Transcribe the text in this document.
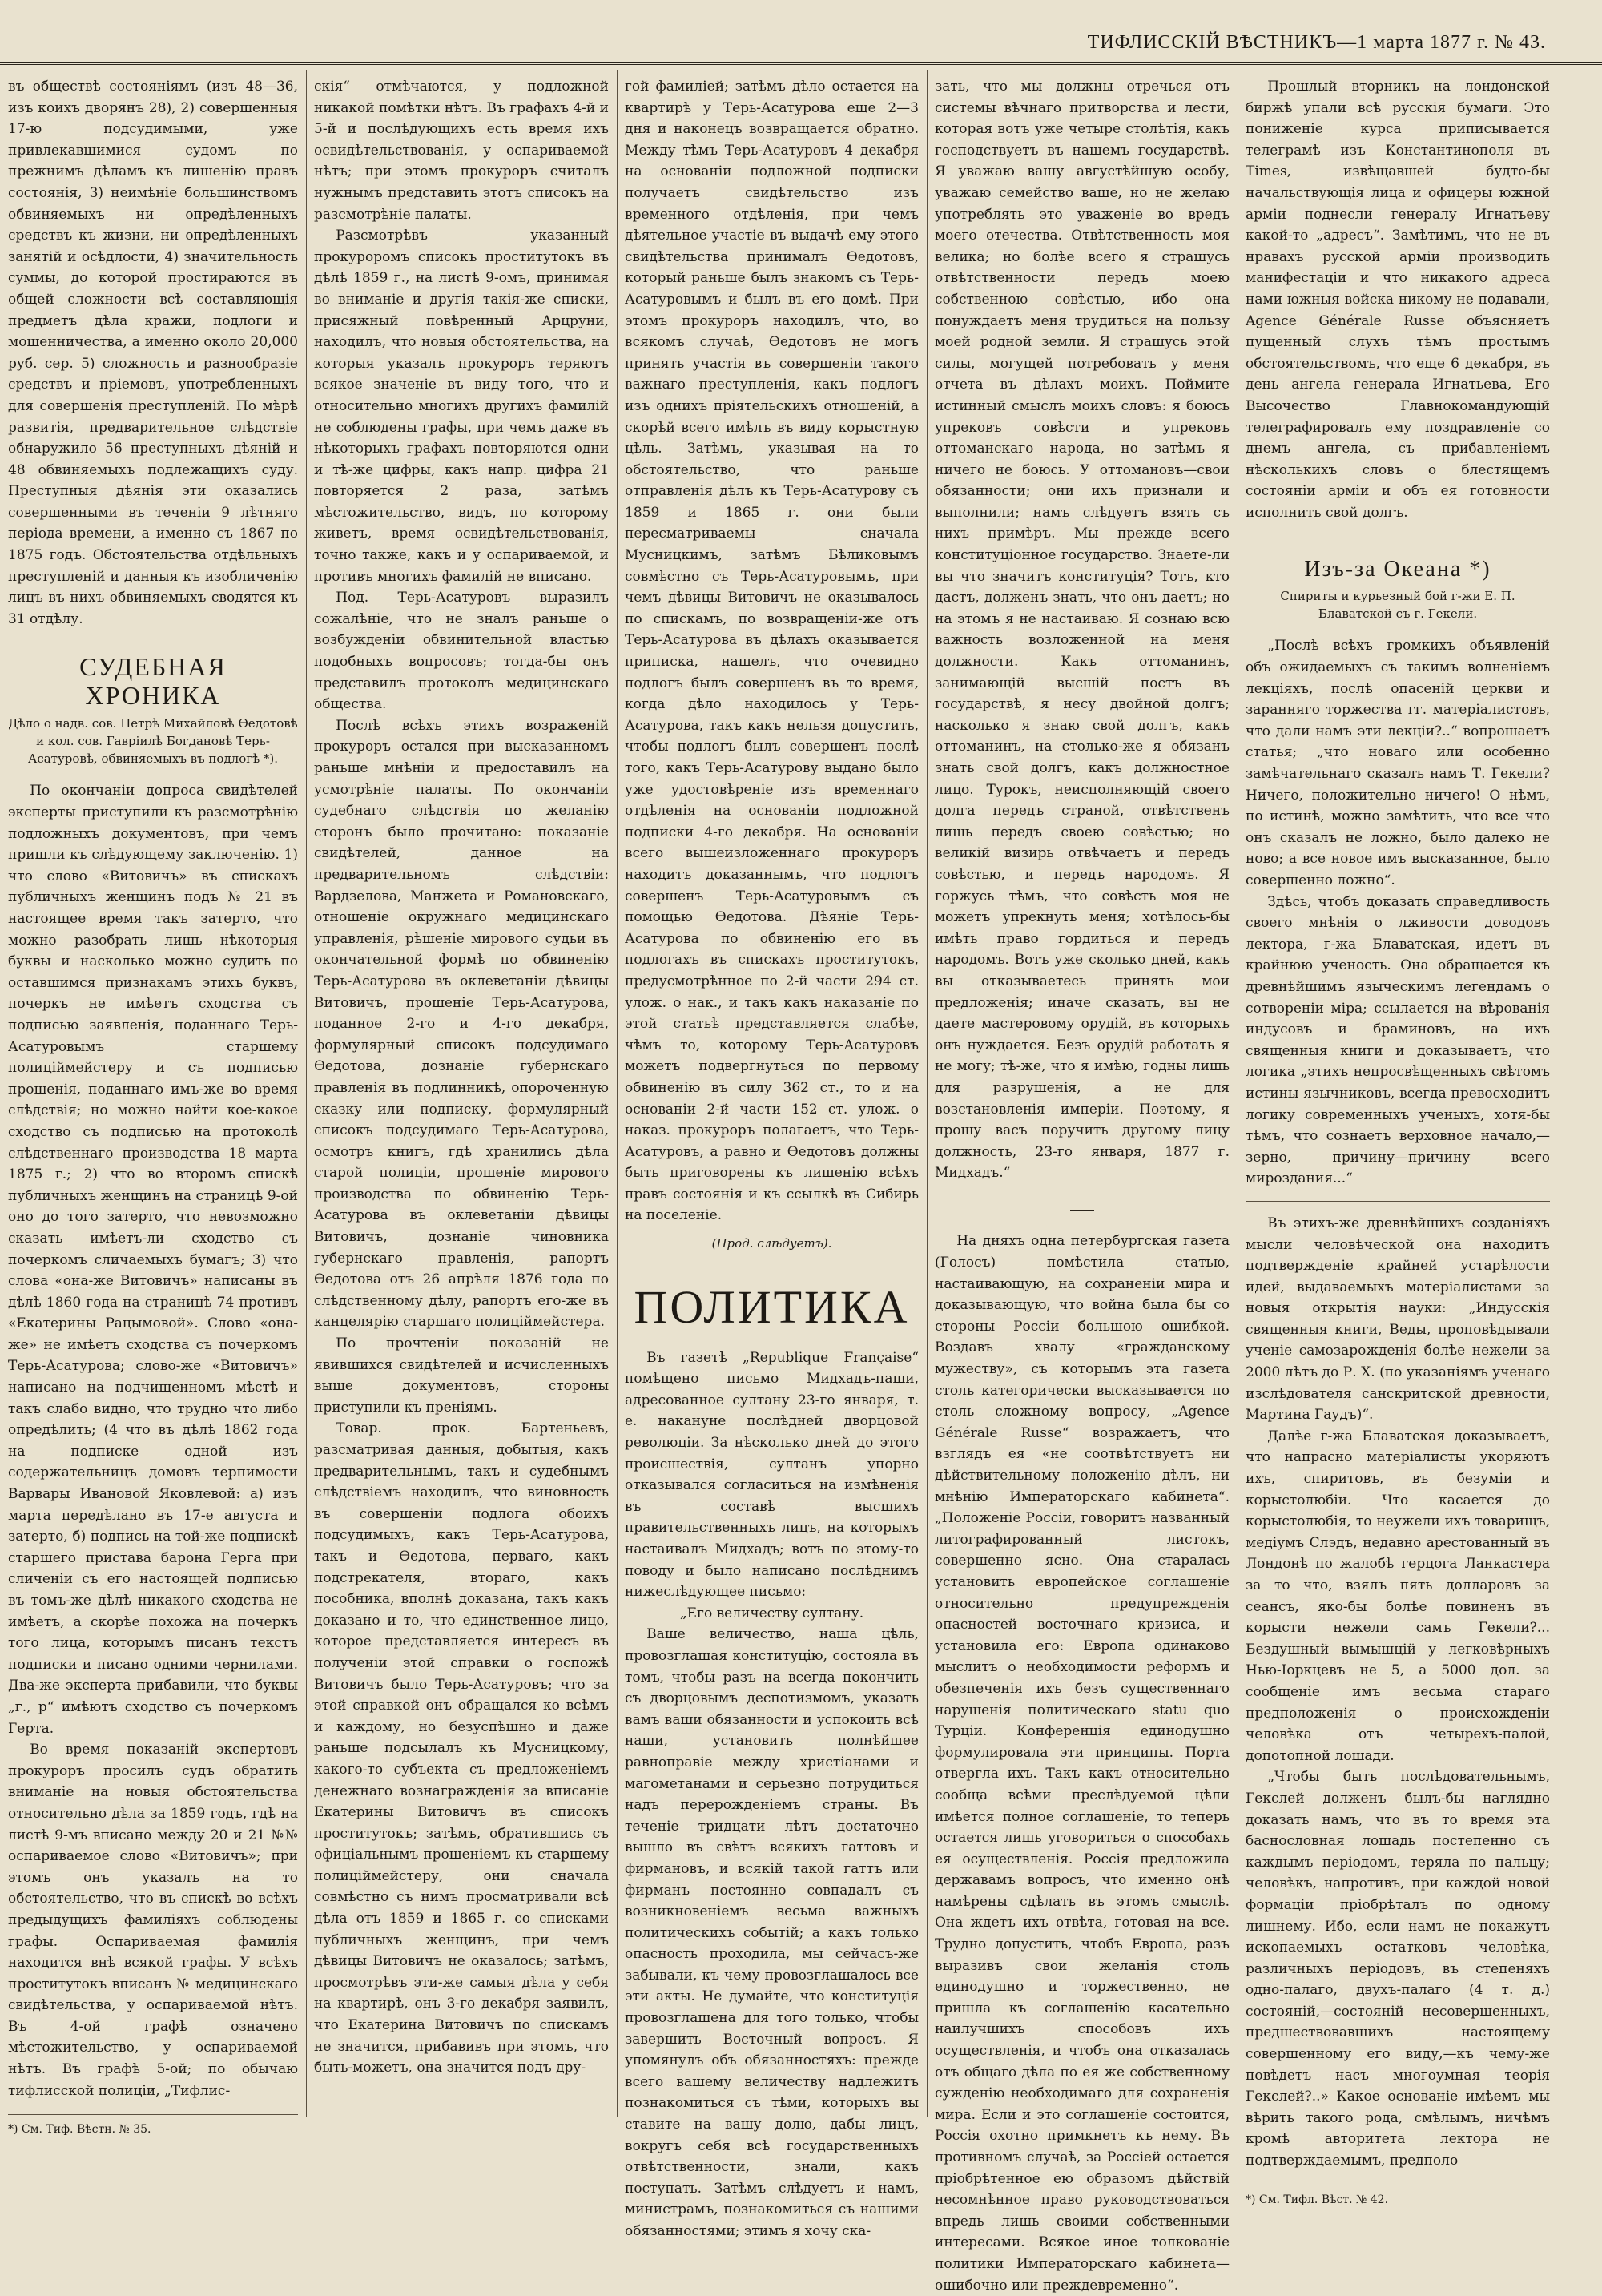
ТИФЛИССКІЙ ВѢСТНИКЪ—1 марта 1877 г. № 43.

въ обществѣ состояніямъ (изъ 48—36, изъ коихъ дворянъ 28), 2) совершенныя 17-ю подсудимыми, уже привлекавшимися судомъ по прежнимъ дѣламъ къ лишенію правъ состоянія, 3) неимѣніе большинствомъ обвиняемыхъ ни опредѣленныхъ средствъ къ жизни, ни опредѣленныхъ занятій и осѣдлости, 4) значительность суммы, до которой простираются въ общей сложности всѣ составляющія предметъ дѣла кражи, подлоги и мошенничества, а именно около 20,000 руб. сер. 5) сложность и разнообразіе средствъ и пріемовъ, употребленныхъ для совершенія преступленій. По мѣрѣ развитія, предварительное слѣдствіе обнаружило 56 преступныхъ дѣяній и 48 обвиняемыхъ подлежащихъ суду. Преступныя дѣянія эти оказались совершенными въ теченіи 9 лѣтняго періода времени, а именно съ 1867 по 1875 годъ. Обстоятельства отдѣльныхъ преступленій и данныя къ изобличенію лицъ въ нихъ обвиняемыхъ сводятся къ 31 отдѣлу.

СУДЕБНАЯ ХРОНИКА
Дѣло о надв. сов. Петрѣ Михайловѣ Өедотовѣ и кол. сов. Гавріилѣ Богдановѣ Терь-Асатуровѣ, обвиняемыхъ въ подлогѣ *).

По окончаніи допроса свидѣтелей эксперты приступили къ разсмотрѣнію подложныхъ документовъ, при чемъ пришли къ слѣдующему заключенію. 1) что слово «Витовичъ» въ спискахъ публичныхъ женщинъ подъ № 21 въ настоящее время такъ затерто, что можно разобрать лишь нѣкоторыя буквы и насколько можно судить по оставшимся признакамъ этихъ буквъ, почеркъ не имѣетъ сходства съ подписью заявленія, поданнаго Терь-Асатуровымъ старшему полиціймейстеру и съ подписью прошенія, поданнаго имъ-же во время слѣдствія; но можно найти кое-какое сходство съ подписью на протоколѣ слѣдственнаго производства 18 марта 1875 г.; 2) что во второмъ спискѣ публичныхъ женщинъ на страницѣ 9-ой оно до того затерто, что невозможно сказать имѣетъ-ли сходство съ почеркомъ сличаемыхъ бумагъ; 3) что слова «она-же Витовичъ» написаны въ дѣлѣ 1860 года на страницѣ 74 противъ «Екатерины Рацымовой». Слово «она-же» не имѣетъ сходства съ почеркомъ Терь-Асатурова; слово-же «Витовичъ» написано на подчищенномъ мѣстѣ и такъ слабо видно, что трудно что либо опредѣлить; (4 что въ дѣлѣ 1862 года на подписке одной изъ содержательницъ домовъ терпимости Варвары Ивановой Яковлевой: а) изъ марта передѣлано въ 17-е августа и затерто, б) подпись на той-же подпискѣ старшего пристава барона Герга при сличеніи съ его настоящей подписью въ томъ-же дѣлѣ никакого сходства не имѣетъ, а скорѣе похожа на почеркъ того лица, которымъ писанъ текстъ подписки и писано одними чернилами. Два-же эксперта прибавили, что буквы „г., р“ имѣютъ сходство съ почеркомъ Герта.

Во время показаній экспертовъ прокуроръ просилъ судъ обратить вниманіе на новыя обстоятельства относительно дѣла за 1859 годъ, гдѣ на листѣ 9-мъ вписано между 20 и 21 №№ оспариваемое слово «Витовичъ»; при этомъ онъ указалъ на то обстоятельство, что въ спискѣ во всѣхъ предыдущихъ фамиліяхъ соблюдены графы. Оспариваемая фамилія находится внѣ всякой графы. У всѣхъ проститутокъ вписанъ № медицинскаго свидѣтельства, у оспариваемой нѣтъ. Въ 4-ой графѣ означено мѣстожительство, у оспариваемой нѣтъ. Въ графѣ 5-ой; по обычаю тифлисской полиціи, „Тифлис-

*) См. Тиф. Вѣстн. № 35.

скія“ отмѣчаются, у подложной никакой помѣтки нѣтъ. Въ графахъ 4-й и 5-й и послѣдующихъ есть время ихъ освидѣтельствованія, у оспариваемой нѣтъ; при этомъ прокуроръ считалъ нужнымъ представить этотъ списокъ на разсмотрѣніе палаты.

Разсмотрѣвъ указанный прокуроромъ списокъ проститутокъ въ дѣлѣ 1859 г., на листѣ 9-омъ, принимая во вниманіе и другія такія-же списки, присяжный повѣренный Арцруни, находилъ, что новыя обстоятельства, на которыя указалъ прокуроръ теряютъ всякое значеніе въ виду того, что и относительно многихъ другихъ фамилій не соблюдены графы, при чемъ даже въ нѣкоторыхъ графахъ повторяются одни и тѣ-же цифры, какъ напр. цифра 21 повторяется 2 раза, затѣмъ мѣстожительство, видъ, по которому живетъ, время освидѣтельствованія, точно также, какъ и у оспариваемой, и противъ многихъ фамилій не вписано.

Под. Терь-Асатуровъ выразилъ сожалѣніе, что не зналъ раньше о возбужденіи обвинительной властью подобныхъ вопросовъ; тогда-бы онъ представилъ протоколъ медицинскаго общества.

Послѣ всѣхъ этихъ возраженій прокуроръ остался при высказанномъ раньше мнѣніи и предоставилъ на усмотрѣніе палаты. По окончаніи судебнаго слѣдствія по желанію сторонъ было прочитано: показаніе свидѣтелей, данное на предварительномъ слѣдствіи: Вардзелова, Манжета и Романовскаго, отношеніе окружнаго медицинскаго управленія, рѣшеніе мирового судьи въ окончательной формѣ по обвиненію Терь-Асатурова въ оклеветаніи дѣвицы Витовичъ, прошеніе Терь-Асатурова, поданное 2-го и 4-го декабря, формулярный списокъ подсудимаго Өедотова, дознаніе губернскаго правленія въ подлинникѣ, опороченную сказку или подписку, формулярный списокъ подсудимаго Терь-Асатурова, осмотръ книгъ, гдѣ хранились дѣла старой полиціи, прошеніе мирового производства по обвиненію Терь-Асатурова въ оклеветаніи дѣвицы Витовичъ, дознаніе чиновника губернскаго правленія, рапортъ Өедотова отъ 26 апрѣля 1876 года по слѣдственному дѣлу, рапортъ его-же въ канцелярію старшаго полиціймейстера.

По прочтеніи показаній не явившихся свидѣтелей и исчисленныхъ выше документовъ, стороны приступили къ преніямъ.

Товар. прок. Бартеньевъ, разсматривая данныя, добытыя, какъ предварительнымъ, такъ и судебнымъ слѣдствіемъ находилъ, что виновность въ совершеніи подлога обоихъ подсудимыхъ, какъ Терь-Асатурова, такъ и Өедотова, перваго, какъ подстрекателя, втораго, какъ пособника, вполнѣ доказана, такъ какъ доказано и то, что единственное лицо, которое представляется интересъ въ полученіи этой справки о госпожѣ Витовичъ было Терь-Асатуровъ; что за этой справкой онъ обращался ко всѣмъ и каждому, но безуспѣшно и даже раньше подсылалъ къ Мусницкому, какого-то субъекта съ предложеніемъ денежнаго вознагражденія за вписаніе Екатерины Витовичъ въ списокъ проститутокъ; затѣмъ, обратившись съ офиціальнымъ прошеніемъ къ старшему полиціймейстеру, они сначала совмѣстно съ нимъ просматривали всѣ дѣла отъ 1859 и 1865 г. со списками публичныхъ женщинъ, при чемъ дѣвицы Витовичъ не оказалось; затѣмъ, просмотрѣвъ эти-же самыя дѣла у себя на квартирѣ, онъ 3-го декабря заявилъ, что Екатерина Витовичъ по спискамъ не значится, прибавивъ при этомъ, что быть-можетъ, она значится подъ дру-

гой фамиліей; затѣмъ дѣло остается на квартирѣ у Терь-Асатурова еще 2—3 дня и наконецъ возвращается обратно. Между тѣмъ Терь-Асатуровъ 4 декабря на основаніи подложной подписки получаетъ свидѣтельство изъ временного отдѣленія, при чемъ дѣятельное участіе въ выдачѣ ему этого свидѣтельства принималъ Өедотовъ, который раньше былъ знакомъ съ Терь-Асатуровымъ и былъ въ его домѣ. При этомъ прокуроръ находилъ, что, во всякомъ случаѣ, Өедотовъ не могъ принять участія въ совершеніи такого важнаго преступленія, какъ подлогъ изъ однихъ пріятельскихъ отношеній, а скорѣй всего имѣлъ въ виду корыстную цѣль. Затѣмъ, указывая на то обстоятельство, что раньше отправленія дѣлъ къ Терь-Асатурову съ 1859 и 1865 г. они были пересматриваемы сначала Мусницкимъ, затѣмъ Бѣликовымъ совмѣстно съ Терь-Асатуровымъ, при чемъ дѣвицы Витовичъ не оказывалось по спискамъ, по возвращеніи-же отъ Терь-Асатурова въ дѣлахъ оказывается приписка, нашелъ, что очевидно подлогъ былъ совершенъ въ то время, когда дѣло находилось у Терь-Асатурова, такъ какъ нельзя допустить, чтобы подлогъ былъ совершенъ послѣ того, какъ Терь-Асатурову выдано было уже удостовѣреніе изъ временнаго отдѣленія на основаніи подложной подписки 4-го декабря. На основаніи всего вышеизложеннаго прокуроръ находитъ доказаннымъ, что подлогъ совершенъ Терь-Асатуровымъ съ помощью Өедотова. Дѣяніе Терь-Асатурова по обвиненію его въ подлогахъ въ спискахъ проститутокъ, предусмотрѣнное по 2-й части 294 ст. улож. о нак., и такъ какъ наказаніе по этой статьѣ представляется слабѣе, чѣмъ то, которому Терь-Асатуровъ можетъ подвергнуться по первому обвиненію въ силу 362 ст., то и на основаніи 2-й части 152 ст. улож. о наказ. прокуроръ полагаетъ, что Терь-Асатуровъ, а равно и Өедотовъ должны быть приговорены къ лишенію всѣхъ правъ состоянія и къ ссылкѣ въ Сибирь на поселеніе.

(Прод. слѣдуетъ).
ПОЛИТИКА

Въ газетѣ „Republique Française“ помѣщено письмо Мидхадъ-паши, адресованное султану 23-го января, т. е. накануне послѣдней дворцовой революціи. За нѣсколько дней до этого происшествія, султанъ упорно отказывался согласиться на измѣненія въ составѣ высшихъ правительственныхъ лицъ, на которыхъ настаивалъ Мидхадъ; вотъ по этому-то поводу и было написано послѣднимъ нижеслѣдующее письмо:

„Его величеству султану.

Ваше величество, наша цѣль, провозглашая конституцію, состояла въ томъ, чтобы разъ на всегда покончить съ дворцовымъ деспотизмомъ, указать вамъ ваши обязанности и успокоить всѣ наши, установить полнѣйшее равноправіе между христіанами и магометанами и серьезно потрудиться надъ перерожденіемъ страны. Въ теченіе тридцати лѣтъ достаточно вышло въ свѣтъ всякихъ гаттовъ и фирмановъ, и всякій такой гаттъ или фирманъ постоянно совпадалъ съ возникновеніемъ весьма важныхъ политическихъ событій; а какъ только опасность проходила, мы сейчасъ-же забывали, къ чему провозглашалось все эти акты. Не думайте, что конституція провозглашена для того только, чтобы завершить Восточный вопросъ. Я упомянулъ объ обязанностяхъ: прежде всего вашему величеству надлежитъ познакомиться съ тѣми, которыхъ вы ставите на вашу долю, дабы лицъ, вокругъ себя всѣ государственныхъ отвѣтственности, знали, какъ поступать. Затѣмъ слѣдуетъ и намъ, министрамъ, познакомиться съ нашими обязанностями; этимъ я хочу ска-

зать, что мы должны отречься отъ системы вѣчнаго притворства и лести, которая вотъ уже четыре столѣтія, какъ господствуетъ въ нашемъ государствѣ. Я уважаю вашу августѣйшую особу, уважаю семейство ваше, но не желаю употреблять это уваженіе во вредъ моего отечества. Отвѣтственность моя велика; но болѣе всего я страшусь отвѣтственности передъ моею собственною совѣстью, ибо она понуждаетъ меня трудиться на пользу моей родной земли. Я страшусь этой силы, могущей потребовать у меня отчета въ дѣлахъ моихъ. Поймите истинный смыслъ моихъ словъ: я боюсь упрековъ совѣсти и упрековъ оттоманскаго народа, но затѣмъ я ничего не боюсь. У оттомановъ—свои обязанности; они ихъ признали и выполнили; намъ слѣдуетъ взять съ нихъ примѣръ. Мы прежде всего конституціонное государство. Знаете-ли вы что значитъ конституція? Тотъ, кто дастъ, долженъ знать, что онъ даетъ; но на этомъ я не настаиваю. Я сознаю всю важность возложенной на меня должности. Какъ оттоманинъ, занимающій высшій постъ въ государствѣ, я несу двойной долгъ; насколько я знаю свой долгъ, какъ оттоманинъ, на столько-же я обязанъ знать свой долгъ, какъ должностное лицо. Турокъ, неисполняющій своего долга передъ страной, отвѣтственъ лишь передъ своею совѣстью; но великій визирь отвѣчаетъ и передъ совѣстью, и передъ народомъ. Я горжусь тѣмъ, что совѣсть моя не можетъ упрекнуть меня; хотѣлось-бы имѣть право гордиться и передъ народомъ. Вотъ уже сколько дней, какъ вы отказываетесь принять мои предложенія; иначе сказать, вы не даете мастеровому орудій, въ которыхъ онъ нуждается. Безъ орудій работать я не могу; тѣ-же, что я имѣю, годны лишь для разрушенія, а не для возстановленія имперіи. Поэтому, я прошу васъ поручить другому лицу должность, 23-го января, 1877 г. Мидхадъ.“

На дняхъ одна петербургская газета (Голосъ) помѣстила статью, настаивающую, на сохраненіи мира и доказывающую, что война была бы со стороны Россіи большою ошибкой. Воздавъ хвалу «гражданскому мужеству», съ которымъ эта газета столь категорически высказывается по столь сложному вопросу, „Agence Générale Russe“ возражаетъ, что взглядъ ея «не соотвѣтствуетъ ни дѣйствительному положенію дѣлъ, ни мнѣнію Императорскаго кабинета“. „Положеніе Россіи, говоритъ названный литографированный листокъ, совершенно ясно. Она старалась установить европейское соглашеніе относительно предупрежденія опасностей восточнаго кризиса, и установила его: Европа одинаково мыслитъ о необходимости реформъ и обезпеченія ихъ безъ существеннаго нарушенія политическаго statu quo Турціи. Конференція единодушно формулировала эти принципы. Порта отвергла ихъ. Такъ какъ относительно сообща всѣми преслѣдуемой цѣли имѣется полное соглашеніе, то теперь остается лишь уговориться о способахъ ея осуществленія. Россія предложила державамъ вопросъ, что именно онѣ намѣрены сдѣлать въ этомъ смыслѣ. Она ждетъ ихъ отвѣта, готовая на все. Трудно допустить, чтобъ Европа, разъ выразивъ свои желанія столь единодушно и торжественно, не пришла къ соглашенію касательно наилучшихъ способовъ ихъ осуществленія, и чтобъ она отказалась отъ общаго дѣла по ея же собственному сужденію необходимаго для сохраненія мира. Если и это соглашеніе состоится, Россія охотно примкнетъ къ нему. Въ противномъ случаѣ, за Россіей остается пріобрѣтенное ею образомъ дѣйствій несомнѣнное право руководствоваться впредь лишь своими собственными интересами. Всякое иное толкованіе политики Императорскаго кабинета—ошибочно или преждевременно“.

Прошлый вторникъ на лондонской биржѣ упали всѣ русскія бумаги. Это пониженіе курса приписывается телеграмѣ изъ Константинополя въ Times, извѣщавшей будто-бы начальствующія лица и офицеры южной арміи поднесли генералу Игнатьеву какой-то „адресъ“. Замѣтимъ, что не въ нравахъ русской арміи производить манифестаціи и что никакого адреса нами южныя войска никому не подавали, Agence Générale Russe объясняетъ пущенный слухъ тѣмъ простымъ обстоятельствомъ, что еще 6 декабря, въ день ангела генерала Игнатьева, Его Высочество Главнокомандующій телеграфировалъ ему поздравленіе со днемъ ангела, съ прибавленіемъ нѣсколькихъ словъ о блестящемъ состояніи арміи и объ ея готовности исполнить свой долгъ.

Изъ-за Океана *)
Спириты и курьезный бой г-жи Е. П. Блаватской съ г. Гекели.

„Послѣ всѣхъ громкихъ объявленій объ ожидаемыхъ съ такимъ волненіемъ лекціяхъ, послѣ опасеній церкви и заранняго торжества гг. матеріалистовъ, что дали намъ эти лекціи?..“ вопрошаетъ статья; „что новаго или особенно замѣчательнаго сказалъ намъ Т. Гекели? Ничего, положительно ничего! О нѣмъ, по истинѣ, можно замѣтить, что все что онъ сказалъ не ложно, было далеко не ново; а все новое имъ высказанное, было совершенно ложно“.

Здѣсь, чтобъ доказать справедливость своего мнѣнія о лживости доводовъ лектора, г-жа Блаватская, идетъ въ крайнюю ученость. Она обращается къ древнѣйшимъ языческимъ легендамъ о сотвореніи міра; ссылается на вѣрованія индусовъ и браминовъ, на ихъ священныя книги и доказываетъ, что логика „этихъ непросвѣщенныхъ свѣтомъ истины язычниковъ, всегда превосходитъ логику современныхъ ученыхъ, хотя-бы тѣмъ, что сознаетъ верховное начало,—зерно, причину—причину всего мироздания...“

Въ этихъ-же древнѣйшихъ созданіяхъ мысли человѣческой она находитъ подтвержденіе крайней устарѣлости идей, выдаваемыхъ матеріалистами за новыя открытія науки: „Индусскія священныя книги, Веды, проповѣдывали ученіе самозарожденія болѣе нежели за 2000 лѣтъ до Р. Х. (по указаніямъ ученаго изслѣдователя санскритской древности, Мартина Гаудъ)“.

Далѣе г-жа Блаватская доказываетъ, что напрасно матеріалисты укоряютъ ихъ, спиритовъ, въ безуміи и корыстолюбіи. Что касается до корыстолюбія, то неужели ихъ товарищъ, медіумъ Слэдъ, недавно арестованный въ Лондонѣ по жалобѣ герцога Ланкастера за то что, взялъ пять долларовъ за сеансъ, яко-бы болѣе повиненъ въ корысти нежели самъ Гекели?... Бездушный вымышцій у легковѣрныхъ Нью-Іоркцевъ не 5, а 5000 дол. за сообщеніе имъ весьма стараго предположенія о происхожденіи человѣка отъ четырехъ-палой, допотопной лошади.

„Чтобы быть послѣдовательнымъ, Гекслей долженъ былъ-бы наглядно доказать намъ, что въ то время эта баснословная лошадь постепенно съ каждымъ періодомъ, теряла по пальцу; человѣкъ, напротивъ, при каждой новой формаціи пріобрѣталъ по одному лишнему. Ибо, если намъ не покажутъ ископаемыхъ остатковъ человѣка, различныхъ періодовъ, въ степеняхъ одно-палаго, двухъ-палаго (4 т. д.) состояній,—состояній несовершенныхъ, предшествовавшихъ настоящему совершенному его виду,—къ чему-же повѣдетъ насъ многоумная теорія Гекслей?..» Какое основаніе имѣемъ мы вѣрить такого рода, смѣлымъ, ничѣмъ кромѣ авторитета лектора не подтверждаемымъ, предполо

*) См. Тифл. Вѣст. № 42.
